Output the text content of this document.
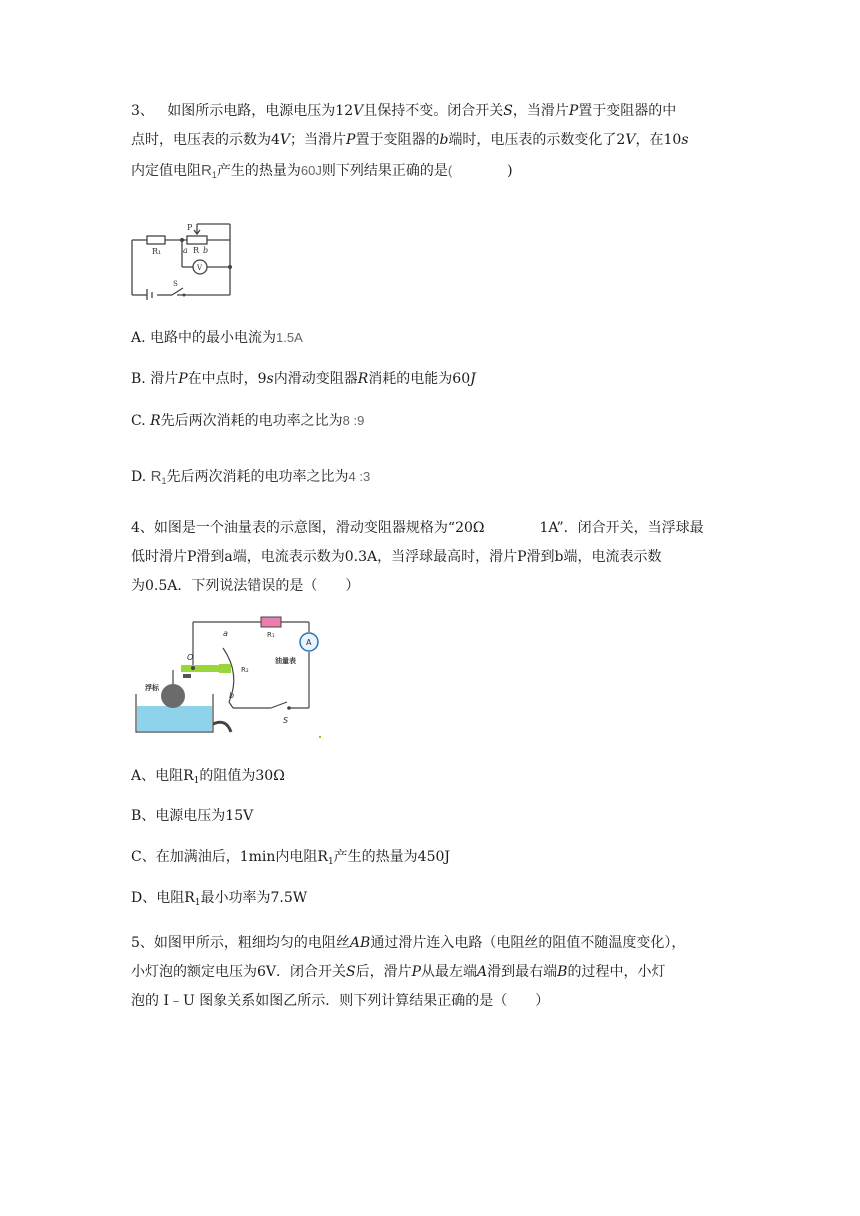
3、 如图所示电路，电源电压为12V且保持不变。闭合开关S，当滑片P置于变阻器的中

点时，电压表的示数为4V；当滑片P置于变阻器的b端时，电压表的示数变化了2V，在10s

内定值电阻$R_1$产生的热量为60J则下列结果正确的是(	)

P
R₁	a R b
V
S

A. 电路中的最小电流为1.5A

B. 滑片P在中点时，9s内滑动变阻器R消耗的电能为60J

C. R先后两次消耗的电功率之比为8 :9

D. $R_1$先后两次消耗的电功率之比为4 :3

4、如图是一个油量表的示意图，滑动变阻器规格为“20Ω	1A”．闭合开关，当浮球最

低时滑片P滑到a端，电流表示数为0.3A，当浮球最高时，滑片P滑到b端，电流表示数

为0.5A．下列说法错误的是（　　）

R₁
A
油量表
a
O
R₂
b
浮标
S

A、电阻$R_1$的阻值为30Ω

B、电源电压为15V

C、在加满油后，1min内电阻$R_1$产生的热量为450J

D、电阻$R_1$最小功率为7.5W

5、如图甲所示，粗细均匀的电阻丝AB通过滑片连入电路（电阻丝的阻值不随温度变化），

小灯泡的额定电压为6V．闭合开关S后，滑片P从最左端A滑到最右端B的过程中，小灯

泡的 I﹣U 图象关系如图乙所示．则下列计算结果正确的是（　　）
